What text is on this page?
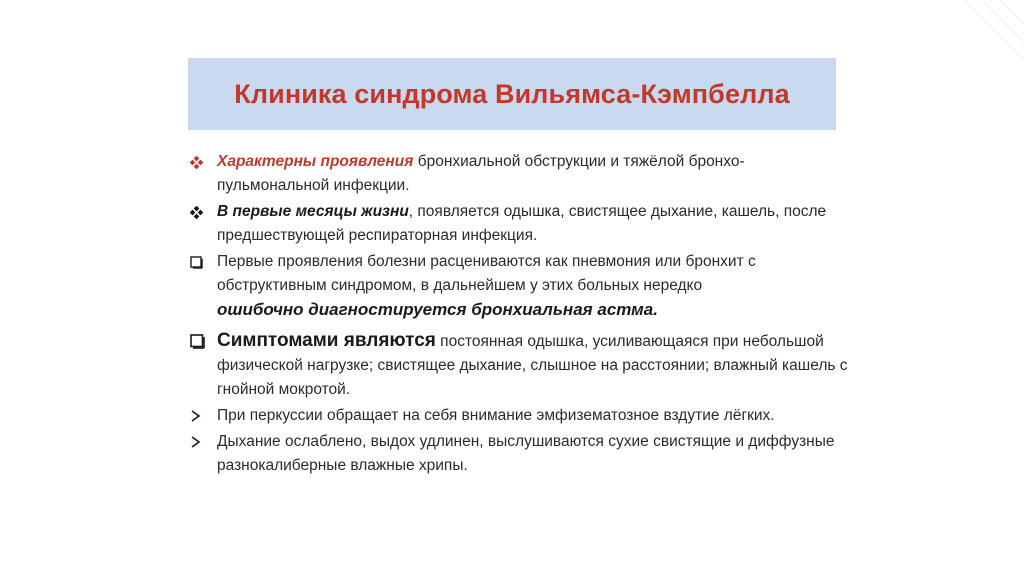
Клиника синдрома Вильямса-Кэмпбелла
Характерны проявления бронхиальной обструкции и тяжёлой бронхо-пульмональной инфекции.
В первые месяцы жизни, появляется одышка, свистящее дыхание, кашель, после предшествующей респираторная инфекция.
Первые проявления болезни расцениваются как пневмония или бронхит с обструктивным синдромом, в дальнейшем у этих больных нередко
ошибочно диагностируется бронхиальная астма.
Симптомами являются постоянная одышка, усиливающаяся при небольшой физической нагрузке; свистящее дыхание, слышное на расстоянии; влажный кашель с гнойной мокротой.
При перкуссии обращает на себя внимание эмфизематозное вздутие лёгких.
Дыхание ослаблено, выдох удлинен, выслушиваются сухие свистящие и диффузные разнокалиберные влажные хрипы.
